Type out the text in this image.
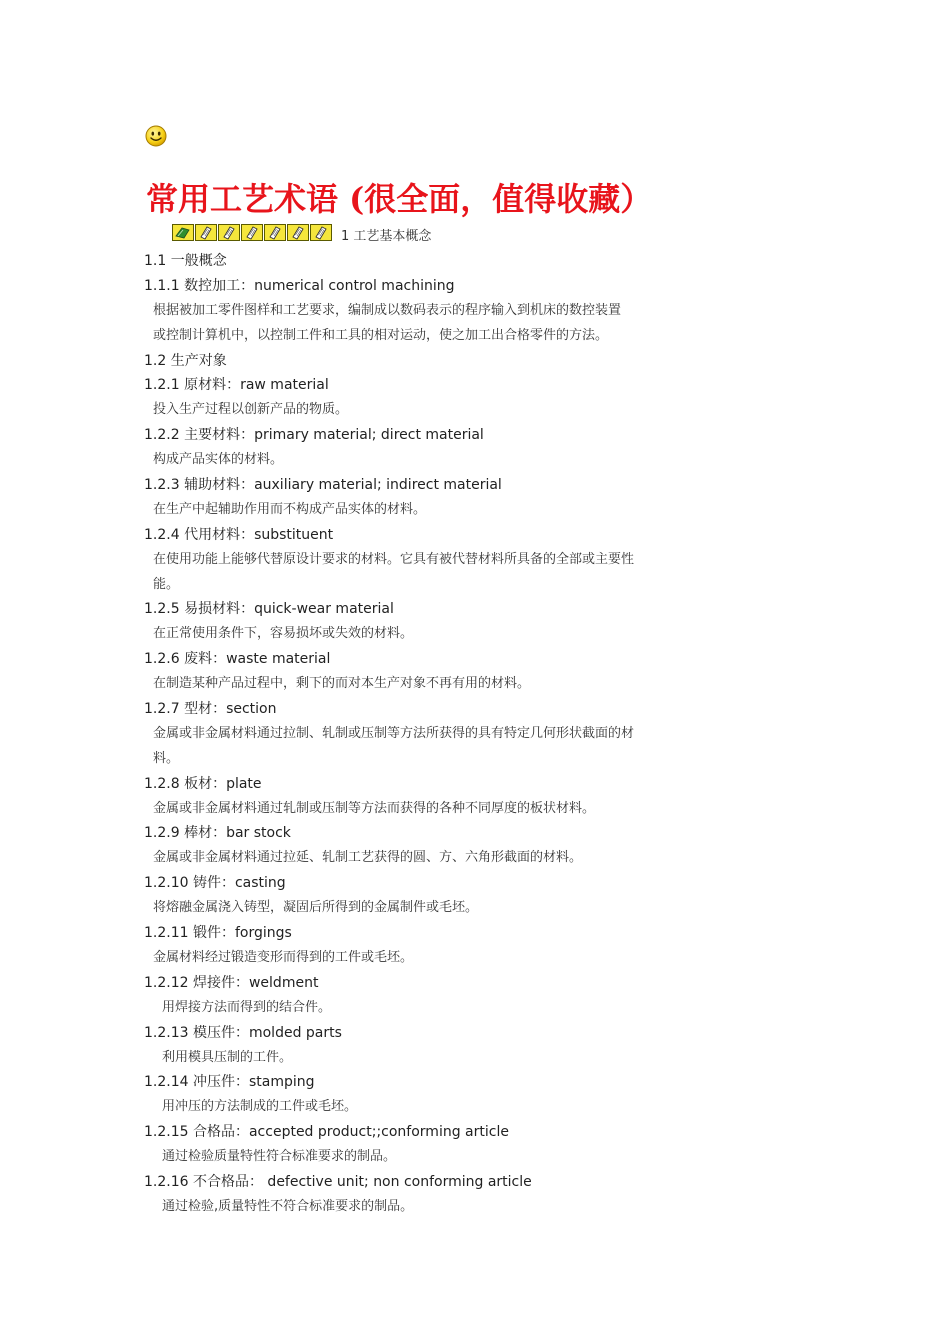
常用工艺术语 (很全面，值得收藏）
1 工艺基本概念
1.1 一般概念
1.1.1 数控加工：numerical control machining
根据被加工零件图样和工艺要求，编制成以数码表示的程序输入到机床的数控装置
或控制计算机中，以控制工件和工具的相对运动，使之加工出合格零件的方法。
1.2 生产对象
1.2.1 原材料：raw material
投入生产过程以创新产品的物质。
1.2.2 主要材料：primary material; direct material
构成产品实体的材料。
1.2.3 辅助材料：auxiliary material; indirect material
在生产中起辅助作用而不构成产品实体的材料。
1.2.4 代用材料：substituent
在使用功能上能够代替原设计要求的材料。它具有被代替材料所具备的全部或主要性
能。
1.2.5 易损材料：quick-wear material
在正常使用条件下，容易损坏或失效的材料。
1.2.6 废料：waste material
在制造某种产品过程中，剩下的而对本生产对象不再有用的材料。
1.2.7 型材：section
金属或非金属材料通过拉制、轧制或压制等方法所获得的具有特定几何形状截面的材
料。
1.2.8 板材：plate
金属或非金属材料通过轧制或压制等方法而获得的各种不同厚度的板状材料。
1.2.9 棒材：bar stock
金属或非金属材料通过拉延、轧制工艺获得的圆、方、六角形截面的材料。
1.2.10 铸件：casting
将熔融金属浇入铸型，凝固后所得到的金属制件或毛坯。
1.2.11 锻件：forgings
金属材料经过锻造变形而得到的工件或毛坯。
1.2.12 焊接件：weldment
用焊接方法而得到的结合件。
1.2.13 模压件：molded parts
利用模具压制的工件。
1.2.14 冲压件：stamping
用冲压的方法制成的工件或毛坯。
1.2.15 合格品：accepted product;;conforming article
通过检验质量特性符合标准要求的制品。
1.2.16 不合格品： defective unit; non conforming article
通过检验,质量特性不符合标准要求的制品。
